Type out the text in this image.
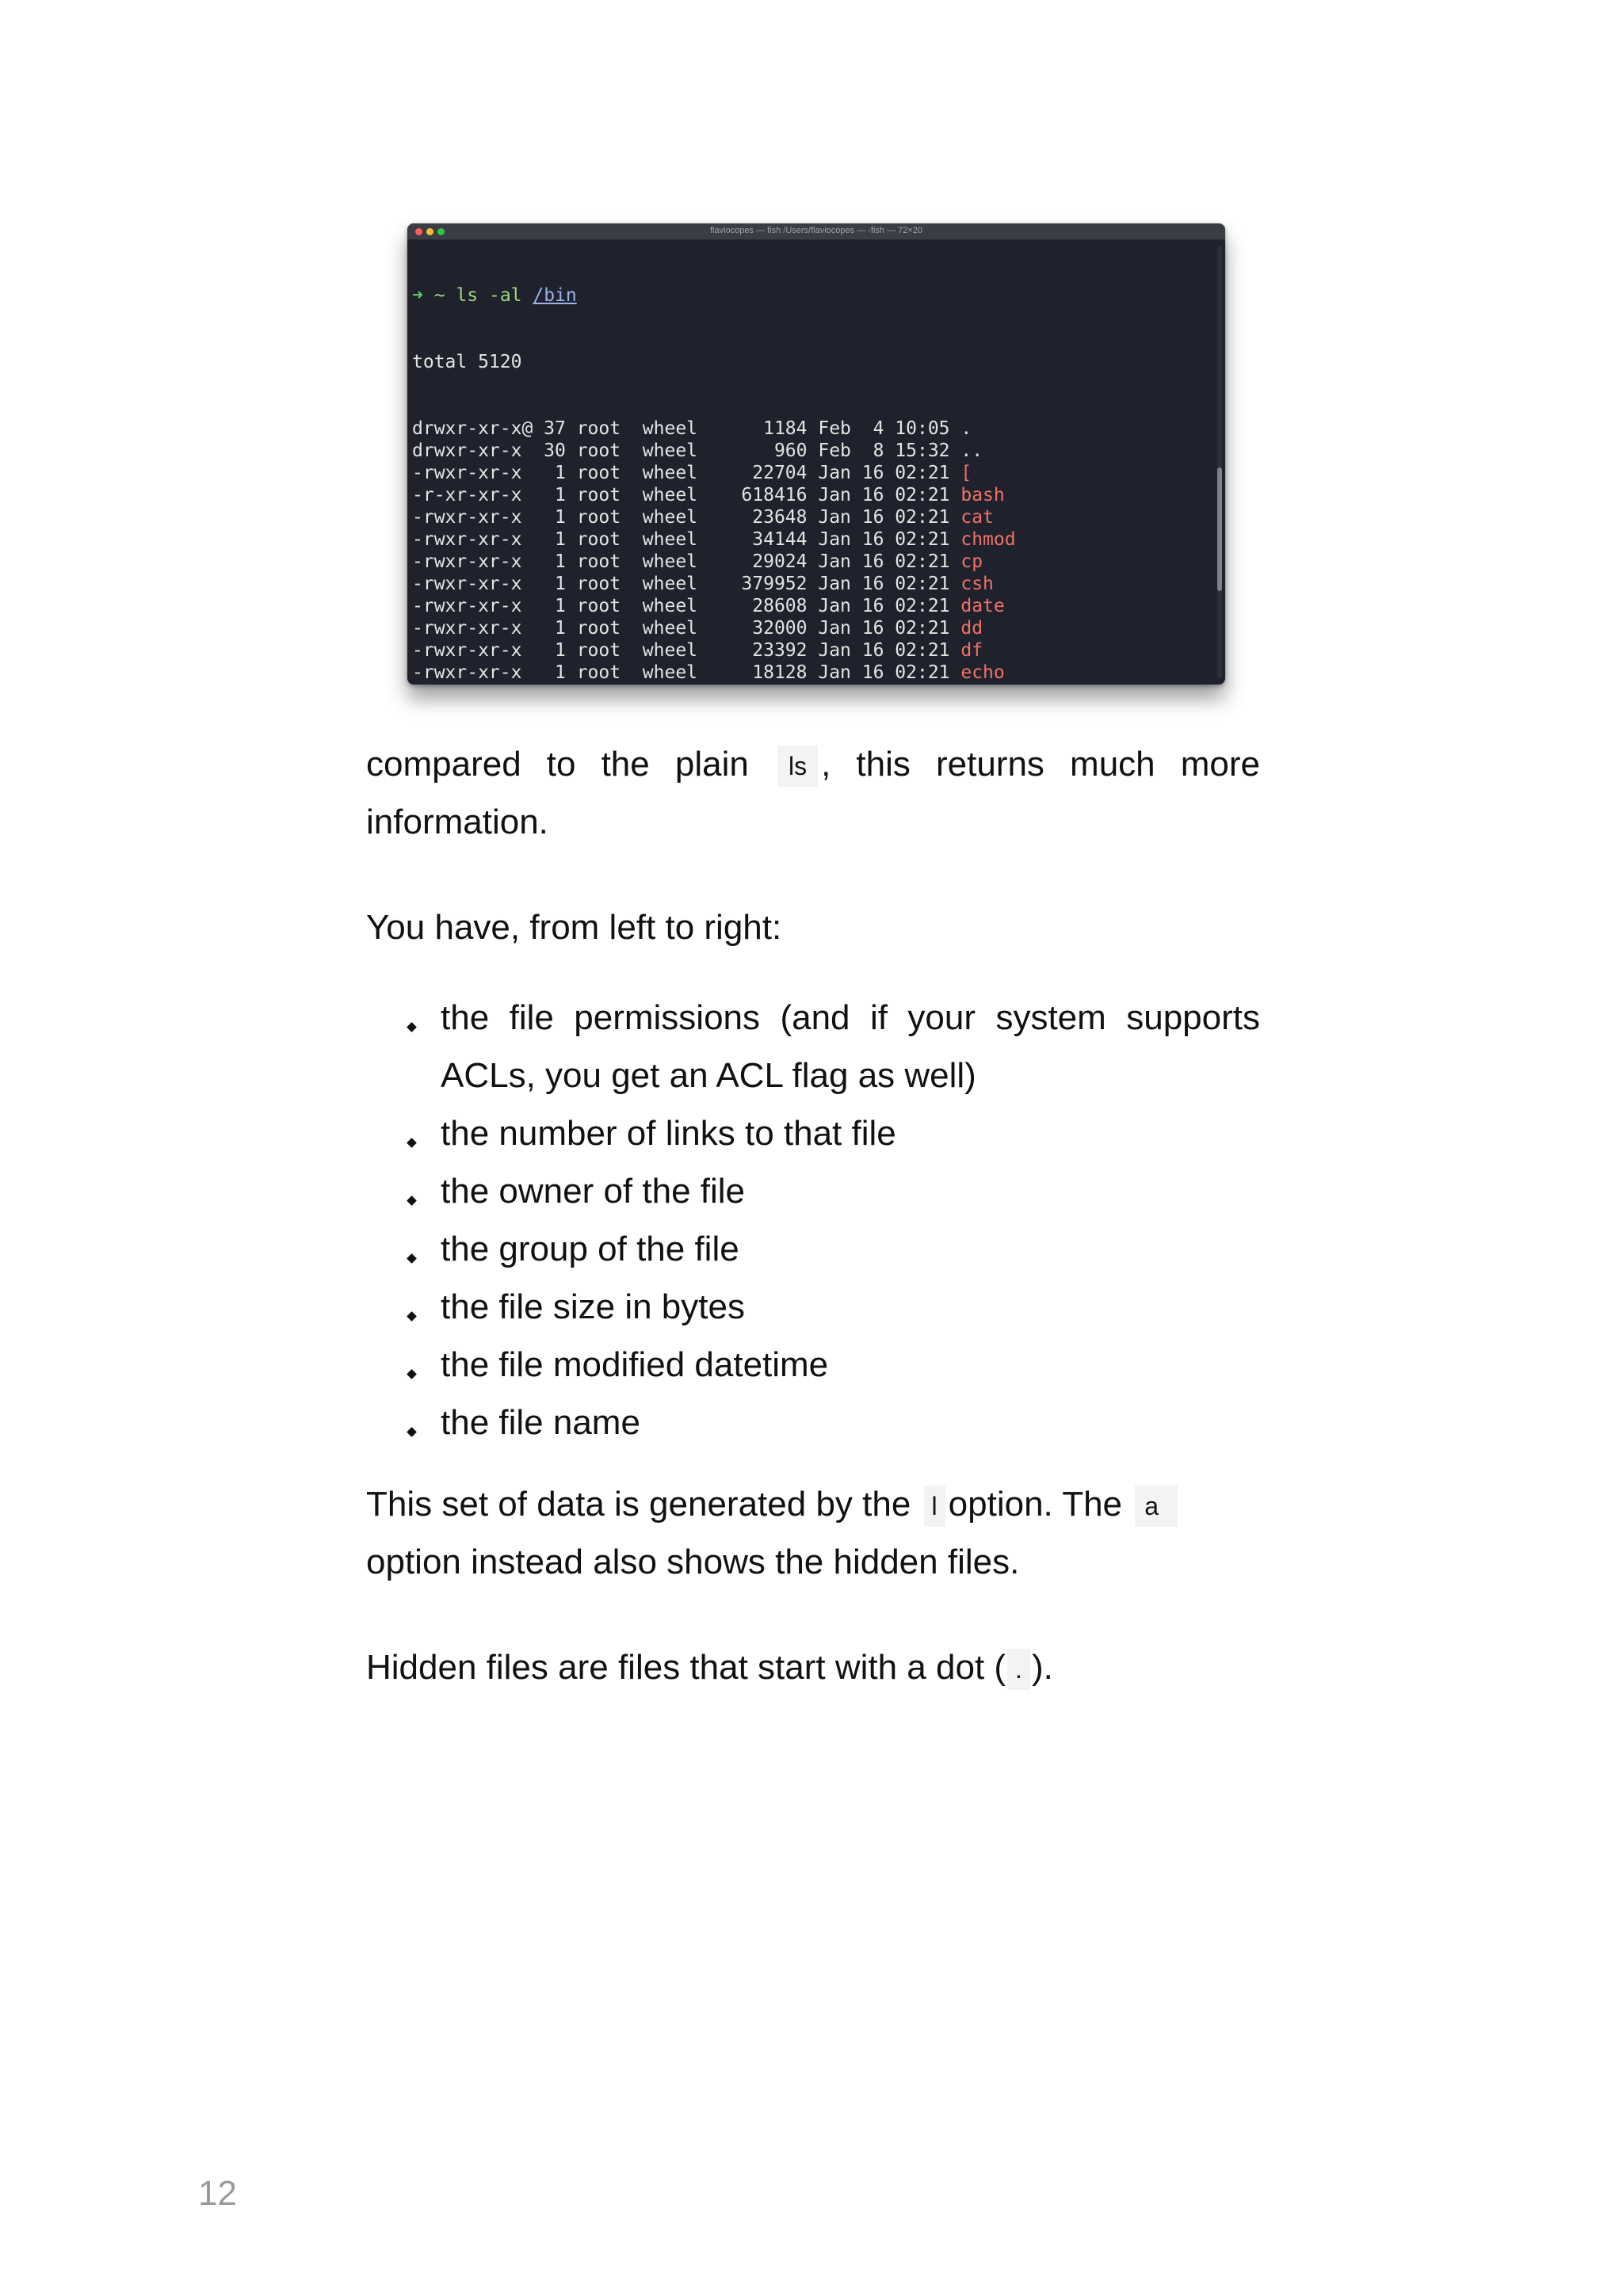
flaviocopes — fish /Users/flaviocopes — -fish — 72×20

➜ ~ ls -al /bin

total 5120

drwxr-xr-x@ 37 root  wheel      1184 Feb  4 10:05 .
drwxr-xr-x  30 root  wheel       960 Feb  8 15:32 ..
-rwxr-xr-x   1 root  wheel     22704 Jan 16 02:21 [
-r-xr-xr-x   1 root  wheel    618416 Jan 16 02:21 bash
-rwxr-xr-x   1 root  wheel     23648 Jan 16 02:21 cat
-rwxr-xr-x   1 root  wheel     34144 Jan 16 02:21 chmod
-rwxr-xr-x   1 root  wheel     29024 Jan 16 02:21 cp
-rwxr-xr-x   1 root  wheel    379952 Jan 16 02:21 csh
-rwxr-xr-x   1 root  wheel     28608 Jan 16 02:21 date
-rwxr-xr-x   1 root  wheel     32000 Jan 16 02:21 dd
-rwxr-xr-x   1 root  wheel     23392 Jan 16 02:21 df
-rwxr-xr-x   1 root  wheel     18128 Jan 16 02:21 echo

compared to the plain ls , this returns much more information.

You have, from left to right:

the file permissions (and if your system supports ACLs, you get an ACL flag as well)
the number of links to that file
the owner of the file
the group of the file
the file size in bytes
the file modified datetime
the file name

This set of data is generated by the l option. The a option instead also shows the hidden files.

Hidden files are files that start with a dot ( . ).

12
